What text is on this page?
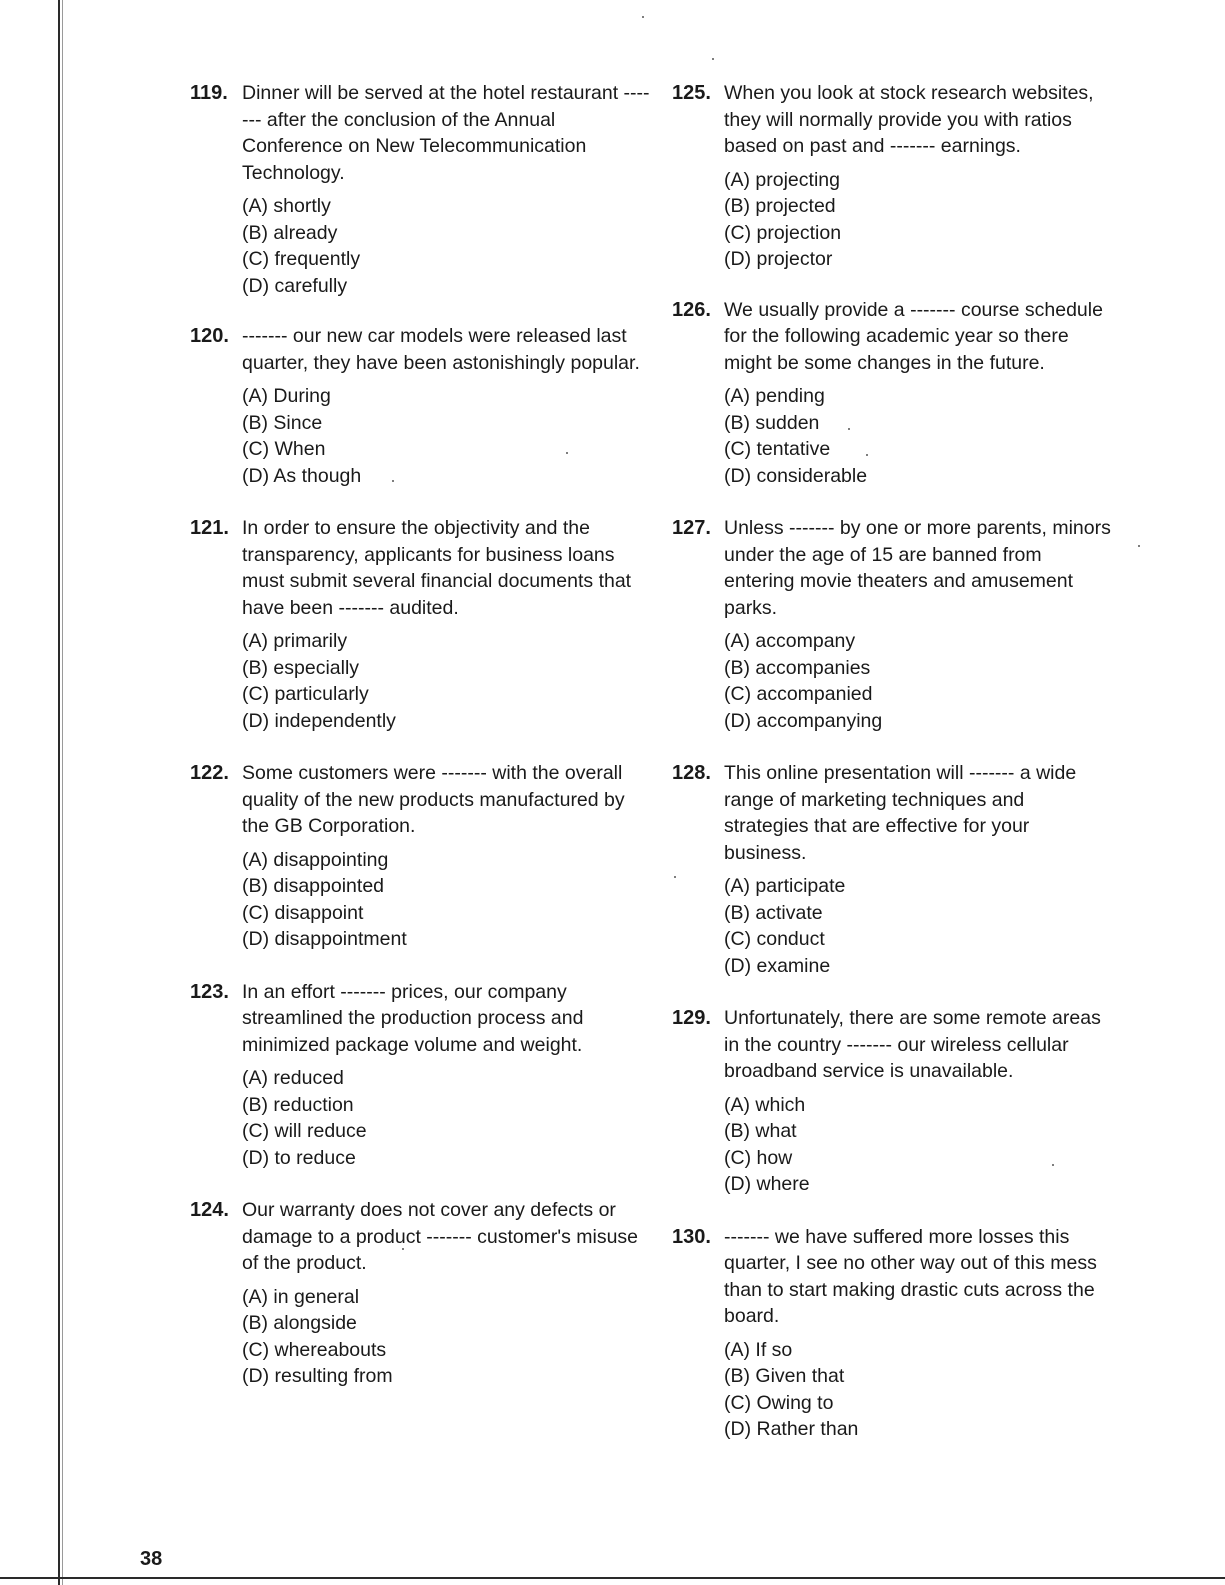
119. Dinner will be served at the hotel restaurant ------- after the conclusion of the Annual Conference on New Telecommunication Technology.

(A) shortly
(B) already
(C) frequently
(D) carefully
120. ------- our new car models were released last quarter, they have been astonishingly popular.

(A) During
(B) Since
(C) When
(D) As though
121. In order to ensure the objectivity and the transparency, applicants for business loans must submit several financial documents that have been ------- audited.

(A) primarily
(B) especially
(C) particularly
(D) independently
122. Some customers were ------- with the overall quality of the new products manufactured by the GB Corporation.

(A) disappointing
(B) disappointed
(C) disappoint
(D) disappointment
123. In an effort ------- prices, our company streamlined the production process and minimized package volume and weight.

(A) reduced
(B) reduction
(C) will reduce
(D) to reduce
124. Our warranty does not cover any defects or damage to a product ------- customer's misuse of the product.

(A) in general
(B) alongside
(C) whereabouts
(D) resulting from
125. When you look at stock research websites, they will normally provide you with ratios based on past and ------- earnings.

(A) projecting
(B) projected
(C) projection
(D) projector
126. We usually provide a ------- course schedule for the following academic year so there might be some changes in the future.

(A) pending
(B) sudden
(C) tentative
(D) considerable
127. Unless ------- by one or more parents, minors under the age of 15 are banned from entering movie theaters and amusement parks.

(A) accompany
(B) accompanies
(C) accompanied
(D) accompanying
128. This online presentation will ------- a wide range of marketing techniques and strategies that are effective for your business.

(A) participate
(B) activate
(C) conduct
(D) examine
129. Unfortunately, there are some remote areas in the country ------- our wireless cellular broadband service is unavailable.

(A) which
(B) what
(C) how
(D) where
130. ------- we have suffered more losses this quarter, I see no other way out of this mess than to start making drastic cuts across the board.

(A) If so
(B) Given that
(C) Owing to
(D) Rather than
38
